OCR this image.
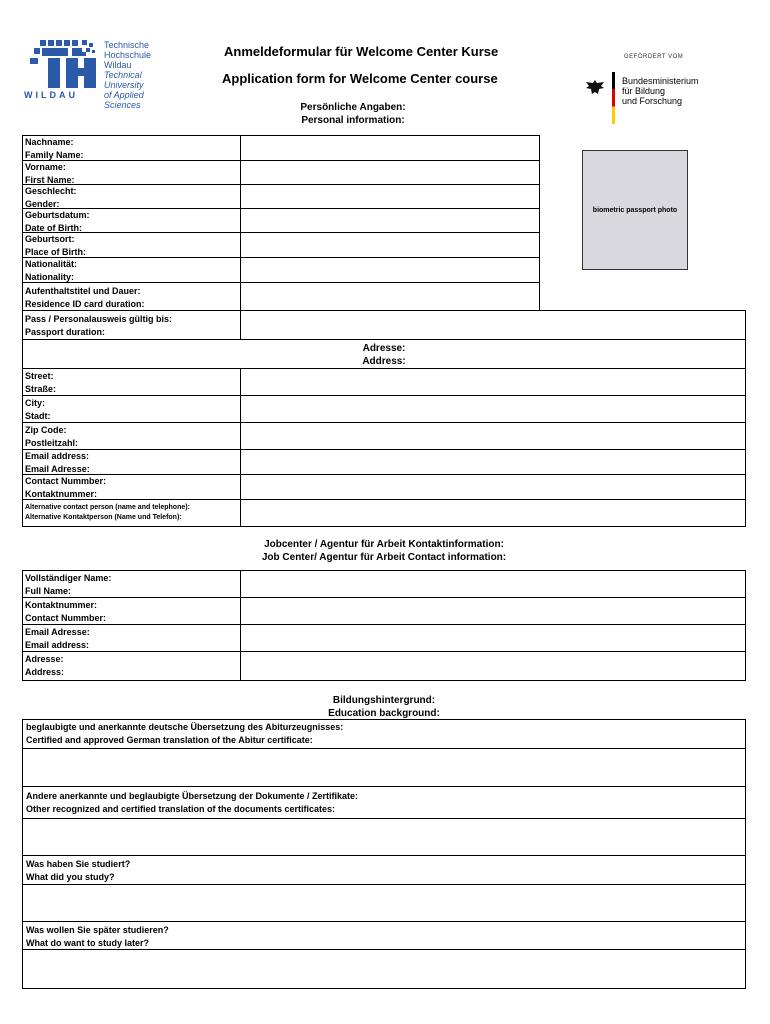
WILDAU
Technische
Hochschule
Wildau
Technical University
of Applied Sciences
Anmeldeformular für Welcome Center Kurse
Application form for Welcome Center course
GEFÖRDERT VOM
Bundesministerium
für Bildung
und Forschung
Persönliche Angaben:
Personal information:
Nachname:
Family Name:
Vorname:
First Name:
Geschlecht:
Gender:
Geburtsdatum:
Date of Birth:
Geburtsort:
Place of Birth:
Nationalität:
Nationality:
Aufenthaltstitel und Dauer:
Residence ID card duration:
Pass / Personalausweis gültig bis:
Passport duration:
biometric passport photo
Adresse:
Address:
Street:
Straße:
City:
Stadt:
Zip Code:
Postleitzahl:
Email address:
Email Adresse:
Contact Nummber:
Kontaktnummer:
Alternative contact person (name and telephone):
Alternative Kontaktperson (Name und Telefon):
Jobcenter / Agentur für Arbeit Kontaktinformation:
Job Center/ Agentur für Arbeit Contact information:
Vollständiger Name:
Full Name:
Kontaktnummer:
Contact Nummber:
Email Adresse:
Email address:
Adresse:
Address:
Bildungshintergrund:
Education background:
beglaubigte und anerkannte deutsche Übersetzung des Abiturzeugnisses:
Certified and approved German translation of the Abitur certificate:
Andere anerkannte und beglaubigte Übersetzung der Dokumente / Zertifikate:
Other recognized and certified translation of the documents certificates:
Was haben Sie studiert?
What did you study?
Was wollen Sie später studieren?
What do want to study later?
